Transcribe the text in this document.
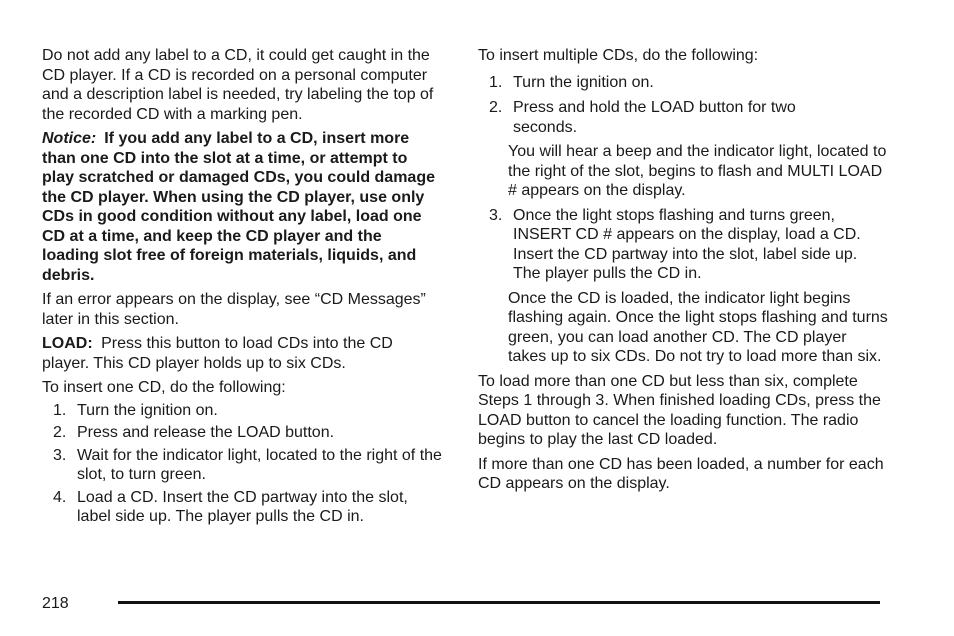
Do not add any label to a CD, it could get caught in the CD player. If a CD is recorded on a personal computer and a description label is needed, try labeling the top of the recorded CD with a marking pen.

Notice: If you add any label to a CD, insert more than one CD into the slot at a time, or attempt to play scratched or damaged CDs, you could damage the CD player. When using the CD player, use only CDs in good condition without any label, load one CD at a time, and keep the CD player and the loading slot free of foreign materials, liquids, and debris.

If an error appears on the display, see “CD Messages” later in this section.

LOAD: Press this button to load CDs into the CD player. This CD player holds up to six CDs.

To insert one CD, do the following:

1. Turn the ignition on.
2. Press and release the LOAD button.
3. Wait for the indicator light, located to the right of the slot, to turn green.
4. Load a CD. Insert the CD partway into the slot, label side up. The player pulls the CD in.

To insert multiple CDs, do the following:

1. Turn the ignition on.
2. Press and hold the LOAD button for two seconds.

You will hear a beep and the indicator light, located to the right of the slot, begins to flash and MULTI LOAD # appears on the display.

3. Once the light stops flashing and turns green, INSERT CD # appears on the display, load a CD. Insert the CD partway into the slot, label side up. The player pulls the CD in.

Once the CD is loaded, the indicator light begins flashing again. Once the light stops flashing and turns green, you can load another CD. The CD player takes up to six CDs. Do not try to load more than six.

To load more than one CD but less than six, complete Steps 1 through 3. When finished loading CDs, press the LOAD button to cancel the loading function. The radio begins to play the last CD loaded.

If more than one CD has been loaded, a number for each CD appears on the display.

218
